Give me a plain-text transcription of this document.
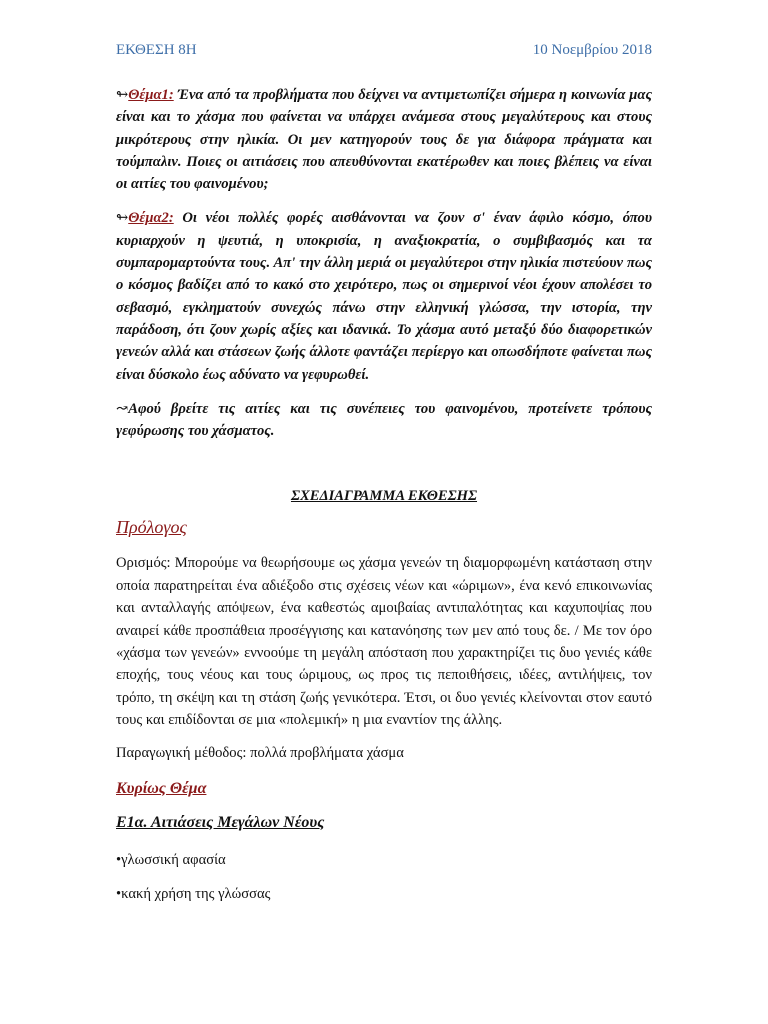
ΕΚΘΕΣΗ 8Η	10 Νοεμβρίου 2018

↬Θέμα1: Ένα από τα προβλήματα που δείχνει να αντιμετωπίζει σήμερα η κοινωνία μας είναι και το χάσμα που φαίνεται να υπάρχει ανάμεσα στους μεγαλύτερους και στους μικρότερους στην ηλικία. Οι μεν κατηγορούν τους δε για διάφορα πράγματα και τούμπαλιν. Ποιες οι αιτιάσεις που απευθύνονται εκατέρωθεν και ποιες βλέπεις να είναι οι αιτίες του φαινομένου;

↬Θέμα2: Οι νέοι πολλές φορές αισθάνονται να ζουν σ' έναν άφιλο κόσμο, όπου κυριαρχούν η ψευτιά, η υποκρισία, η αναξιοκρατία, ο συμβιβασμός και τα συμπαρομαρτούντα τους. Απ' την άλλη μεριά οι μεγαλύτεροι στην ηλικία πιστεύουν πως ο κόσμος βαδίζει από το κακό στο χειρότερο, πως οι σημερινοί νέοι έχουν απολέσει το σεβασμό, εγκληματούν συνεχώς πάνω στην ελληνική γλώσσα, την ιστορία, την παράδοση, ότι ζουν χωρίς αξίες και ιδανικά. Το χάσμα αυτό μεταξύ δύο διαφορετικών γενεών αλλά και στάσεων ζωής άλλοτε φαντάζει περίεργο και οπωσδήποτε φαίνεται πως είναι δύσκολο έως αδύνατο να γεφυρωθεί.

↝Αφού βρείτε τις αιτίες και τις συνέπειες του φαινομένου, προτείνετε τρόπους γεφύρωσης του χάσματος.

ΣΧΕΔΙΑΓΡΑΜΜΑ ΕΚΘΕΣΗΣ
Πρόλογος

Ορισμός: Μπορούμε να θεωρήσουμε ως χάσμα γενεών τη διαμορφωμένη κατάσταση στην οποία παρατηρείται ένα αδιέξοδο στις σχέσεις νέων και «ώριμων», ένα κενό επικοινωνίας και ανταλλαγής απόψεων, ένα καθεστώς αμοιβαίας αντιπαλότητας και καχυποψίας που αναιρεί κάθε προσπάθεια προσέγγισης και κατανόησης των μεν από τους δε. / Με τον όρο «χάσμα των γενεών» εννοούμε τη μεγάλη απόσταση που χαρακτηρίζει τις δυο γενιές κάθε εποχής, τους νέους και τους ώριμους, ως προς τις πεποιθήσεις, ιδέες, αντιλήψεις, τον τρόπο, τη σκέψη και τη στάση ζωής γενικότερα. Έτσι, οι δυο γενιές κλείνονται στον εαυτό τους και επιδίδονται σε μια «πολεμική» η μια εναντίον της άλλης.

Παραγωγική μέθοδος: πολλά προβλήματα χάσμα

Κυρίως Θέμα
Ε1α. Αιτιάσεις Μεγάλων Νέους

•γλωσσική αφασία

•κακή χρήση της γλώσσας
